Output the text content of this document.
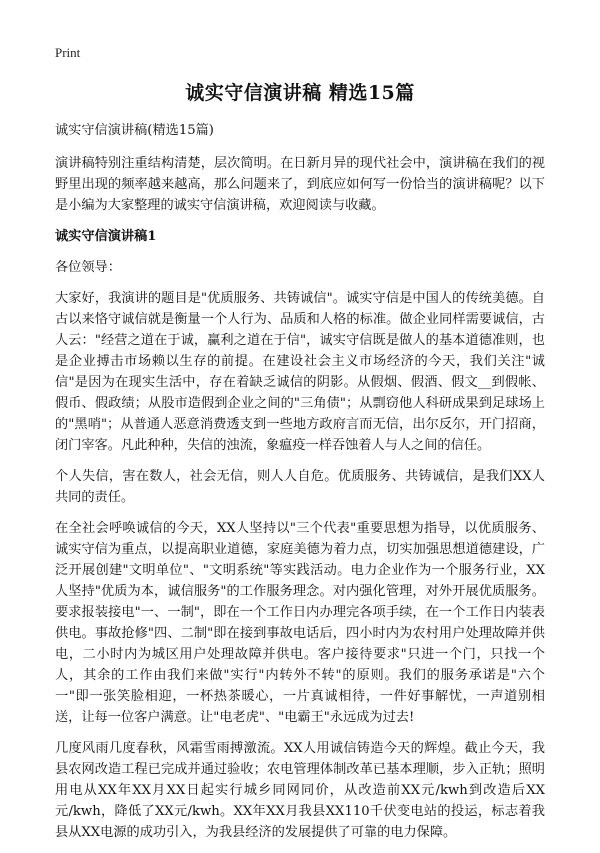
Print
诚实守信演讲稿 精选15篇

诚实守信演讲稿(精选15篇)

演讲稿特别注重结构清楚，层次简明。在日新月异的现代社会中，演讲稿在我们的视野里出现的频率越来越高，那么问题来了，到底应如何写一份恰当的演讲稿呢？以下是小编为大家整理的诚实守信演讲稿，欢迎阅读与收藏。

诚实守信演讲稿1

各位领导：

大家好，我演讲的题目是"优质服务、共铸诚信"。诚实守信是中国人的传统美德。自古以来恪守诚信就是衡量一个人行为、品质和人格的标准。做企业同样需要诚信，古人云："经营之道在于诚，赢利之道在于信"，诚实守信既是做人的基本道德准则，也是企业搏击市场赖以生存的前提。在建设社会主义市场经济的今天，我们关注"诚信"是因为在现实生活中，存在着缺乏诚信的阴影。从假烟、假酒、假文__到假帐、假币、假政绩；从股市造假到企业之间的"三角债"；从剽窃他人科研成果到足球场上的"黑哨"；从普通人恶意消费透支到一些地方政府言而无信，出尔反尔，开门招商，闭门宰客。凡此种种，失信的浊流，象瘟疫一样吞蚀着人与人之间的信任。

个人失信，害在数人，社会无信，则人人自危。优质服务、共铸诚信，是我们XX人共同的责任。

在全社会呼唤诚信的今天，XX人坚持以"三个代表"重要思想为指导，以优质服务、诚实守信为重点，以提高职业道德，家庭美德为着力点，切实加强思想道德建设，广泛开展创建"文明单位"、"文明系统"等实践活动。电力企业作为一个服务行业，XX人坚持"优质为本，诚信服务"的工作服务理念。对内强化管理，对外开展优质服务。要求报装接电"一、一制"，即在一个工作日内办理完各项手续，在一个工作日内装表供电。事故抢修"四、二制"即在接到事故电话后，四小时内为农村用户处理故障并供电，二小时内为城区用户处理故障并供电。客户接待要求"只进一个门，只找一个人，其余的工作由我们来做"实行"内转外不转"的原则。我们的服务承诺是"六个一"即一张笑脸相迎，一杯热茶暖心，一片真诚相待，一件好事解忧，一声道别相送，让每一位客户满意。让"电老虎"、"电霸王"永远成为过去!

几度风雨几度春秋，风霜雪雨搏激流。XX人用诚信铸造今天的辉煌。截止今天，我县农网改造工程已完成并通过验收；农电管理体制改革已基本理顺，步入正轨；照明用电从XX年XX月XX日起实行城乡同网同价，从改造前XX元/kwh到改造后XX元/kwh，降低了XX元/kwh。XX年XX月我县XX110千伏变电站的投运，标志着我县从XX电源的成功引入，为我县经济的发展提供了可靠的电力保障。
